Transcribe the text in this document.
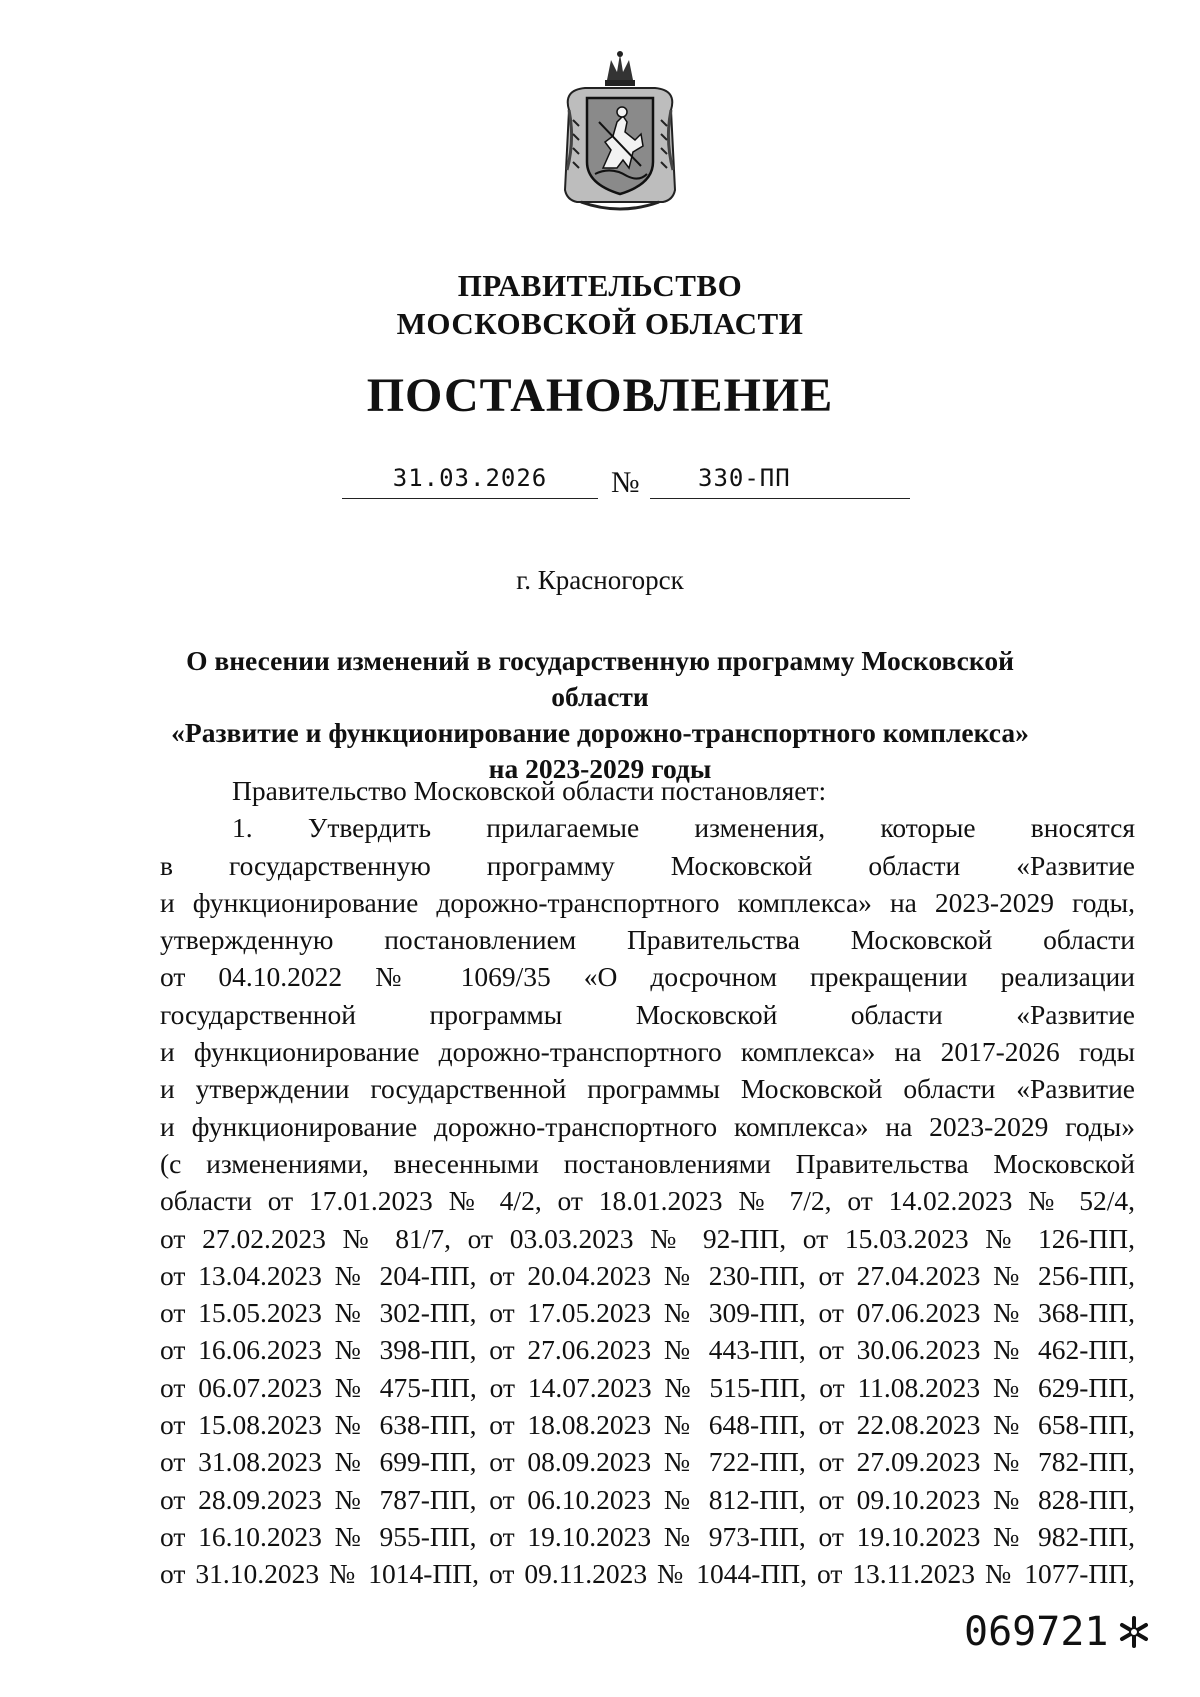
ПРАВИТЕЛЬСТВО
МОСКОВСКОЙ ОБЛАСТИ
ПОСТАНОВЛЕНИЕ
31.03.2026	№	330-ПП
г. Красногорск
О внесении изменений в государственную программу Московской области
«Развитие и функционирование дорожно-транспортного комплекса»
на 2023-2029 годы
Правительство Московской области постановляет:
1. Утвердить прилагаемые изменения, которые вносятся
в государственную программу Московской области «Развитие
и функционирование дорожно-транспортного комплекса» на 2023-2029 годы,
утвержденную постановлением Правительства Московской области
от 04.10.2022 № 1069/35 «О досрочном прекращении реализации
государственной программы Московской области «Развитие
и функционирование дорожно-транспортного комплекса» на 2017-2026 годы
и утверждении государственной программы Московской области «Развитие
и функционирование дорожно-транспортного комплекса» на 2023-2029 годы»
(с изменениями, внесенными постановлениями Правительства Московской
области от 17.01.2023 № 4/2, от 18.01.2023 № 7/2, от 14.02.2023 № 52/4,
от 27.02.2023 № 81/7, от 03.03.2023 № 92-ПП, от 15.03.2023 № 126-ПП,
от 13.04.2023 № 204-ПП, от 20.04.2023 № 230-ПП, от 27.04.2023 № 256-ПП,
от 15.05.2023 № 302-ПП, от 17.05.2023 № 309-ПП, от 07.06.2023 № 368-ПП,
от 16.06.2023 № 398-ПП, от 27.06.2023 № 443-ПП, от 30.06.2023 № 462-ПП,
от 06.07.2023 № 475-ПП, от 14.07.2023 № 515-ПП, от 11.08.2023 № 629-ПП,
от 15.08.2023 № 638-ПП, от 18.08.2023 № 648-ПП, от 22.08.2023 № 658-ПП,
от 31.08.2023 № 699-ПП, от 08.09.2023 № 722-ПП, от 27.09.2023 № 782-ПП,
от 28.09.2023 № 787-ПП, от 06.10.2023 № 812-ПП, от 09.10.2023 № 828-ПП,
от 16.10.2023 № 955-ПП, от 19.10.2023 № 973-ПП, от 19.10.2023 № 982-ПП,
от 31.10.2023 № 1014-ПП, от 09.11.2023 № 1044-ПП, от 13.11.2023 № 1077-ПП,
069721
